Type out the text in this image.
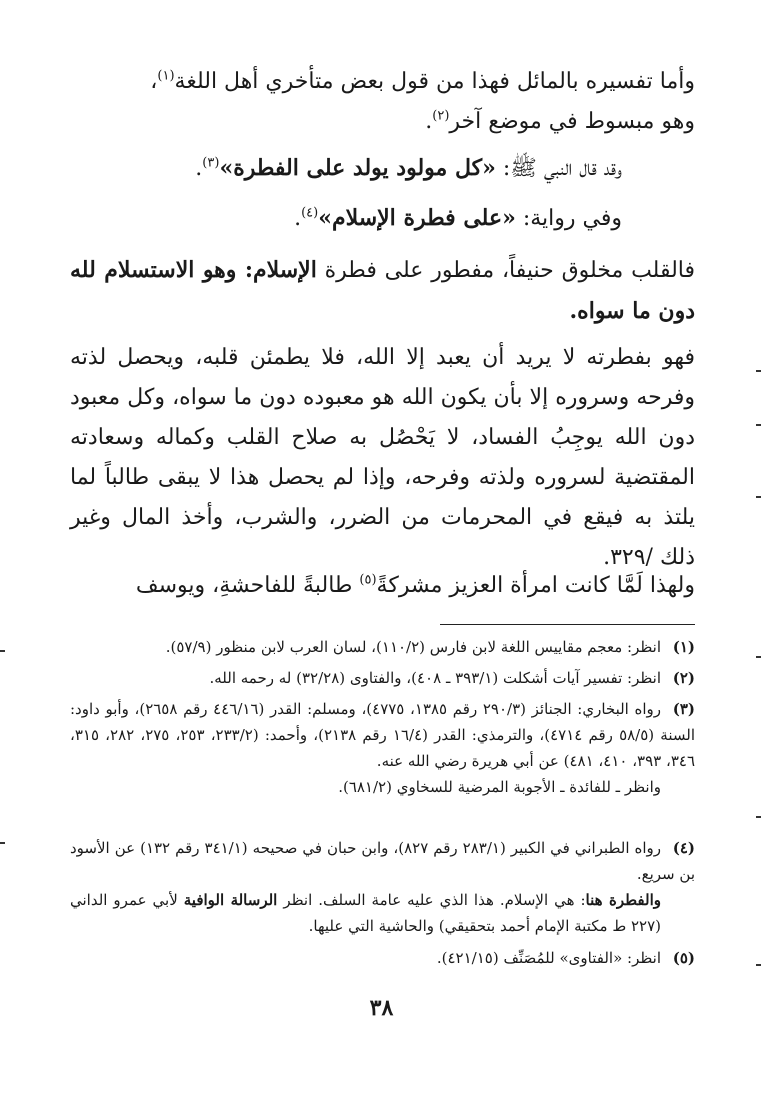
وأما تفسيره بالمائل فهذا من قول بعض متأخري أهل اللغة$^{(١)}$،
وهو مبسوط في موضع آخر$^{(٢)}$.

وقد قال النبي ﷺ: «كل مولود يولد على الفطرة»$^{(٣)}$.

وفي رواية: «على فطرة الإسلام»$^{(٤)}$.

فالقلب مخلوق حنيفاً، مفطور على فطرة الإسلام: وهو الاستسلام لله دون ما سواه.

فهو بفطرته لا يريد أن يعبد إلا الله، فلا يطمئن قلبه، ويحصل لذته وفرحه وسروره إلا بأن يكون الله هو معبوده دون ما سواه، وكل معبود دون الله يوجِبُ الفساد، لا يَحْصُل به صلاح القلب وكماله وسعادته المقتضية لسروره ولذته وفرحه، وإذا لم يحصل هذا لا يبقى طالباً لما يلتذ به فيقع في المحرمات من الضرر، والشرب، وأخذ المال وغير ذلك /٣٢٩.

ولهذا لَمَّا كانت امرأة العزيز مشركةً$^{(٥)}$ طالبةً للفاحشةِ، ويوسف

(١)انظر: معجم مقاييس اللغة لابن فارس (١١٠/٢)، لسان العرب لابن منظور (٥٧/٩).
(٢)انظر: تفسير آيات أشكلت (٣٩٣/١ ـ ٤٠٨)، والفتاوى (٣٢/٢٨) له رحمه الله.
(٣)رواه البخاري: الجنائز (٢٩٠/٣ رقم ١٣٨٥، ٤٧٧٥)، ومسلم: القدر (٤٤٦/١٦ رقم ٢٦٥٨)، وأبو داود: السنة (٥٨/٥ رقم ٤٧١٤)، والترمذي: القدر (١٦/٤ رقم ٢١٣٨)، وأحمد: (٢٣٣/٢، ٢٥٣، ٢٧٥، ٢٨٢، ٣١٥، ٣٤٦، ٣٩٣، ٤١٠، ٤٨١) عن أبي هريرة رضي الله عنه.
وانظر ـ للفائدة ـ الأجوبة المرضية للسخاوي (٦٨١/٢).
(٤)رواه الطبراني في الكبير (٢٨٣/١ رقم ٨٢٧)، وابن حبان في صحيحه (٣٤١/١ رقم ١٣٢) عن الأسود بن سريع.
والفطرة هنا: هي الإسلام. هذا الذي عليه عامة السلف. انظر الرسالة الوافية لأبي عمرو الداني (٢٢٧ ط مكتبة الإمام أحمد بتحقيقي) والحاشية التي عليها.
(٥)انظر: «الفتاوى» للمُصَنِّف (٤٢١/١٥).
٣٨
